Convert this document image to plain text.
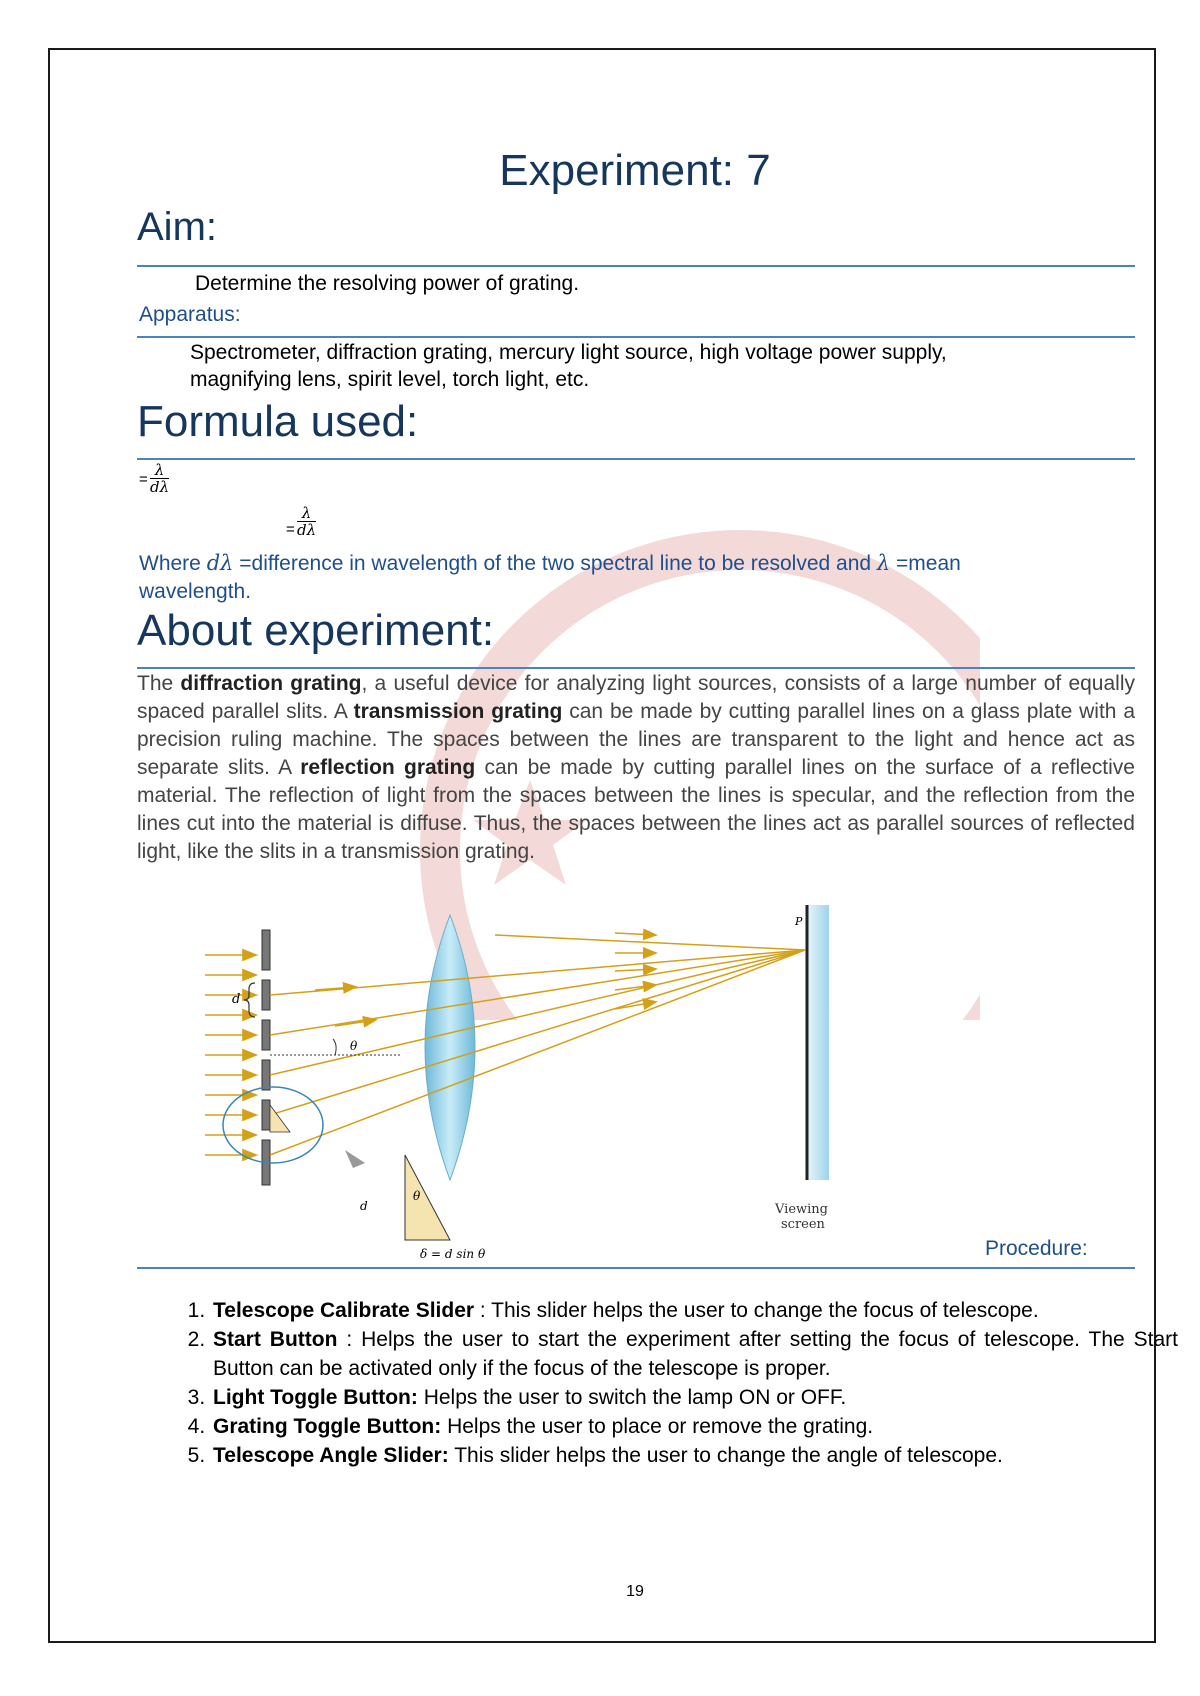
Experiment: 7
Aim:
Determine the resolving power of grating.
Apparatus:
Spectrometer, diffraction grating, mercury light source, high voltage power supply,
magnifying lens, spirit level, torch light, etc.
Formula used:
= $\frac{\lambda}{d\lambda}$
= $\frac{\lambda}{d\lambda}$
Where dλ =difference in wavelength of the two spectral line to be resolved and λ =mean
wavelength.
About experiment:
The diffraction grating, a useful device for analyzing light sources, consists of a large number of equally spaced parallel slits. A transmission grating can be made by cutting parallel lines on a glass plate with a precision ruling machine. The spaces between the lines are transparent to the light and hence act as separate slits. A reflection grating can be made by cutting parallel lines on the surface of a reflective material. The reflection of light from the spaces between the lines is specular, and the reflection from the lines cut into the material is diffuse. Thus, the spaces between the lines act as parallel sources of reflected light, like the slits in a transmission grating.
d
θ
d
θ
δ = d sin θ
P
Viewing
screen
Procedure:
1. Telescope Calibrate Slider : This slider helps the user to change the focus of telescope.
2. Start Button : Helps the user to start the experiment after setting the focus of telescope. The Start Button can be activated only if the focus of the telescope is proper.
3. Light Toggle Button: Helps the user to switch the lamp ON or OFF.
4. Grating Toggle Button: Helps the user to place or remove the grating.
5. Telescope Angle Slider: This slider helps the user to change the angle of telescope.
19
